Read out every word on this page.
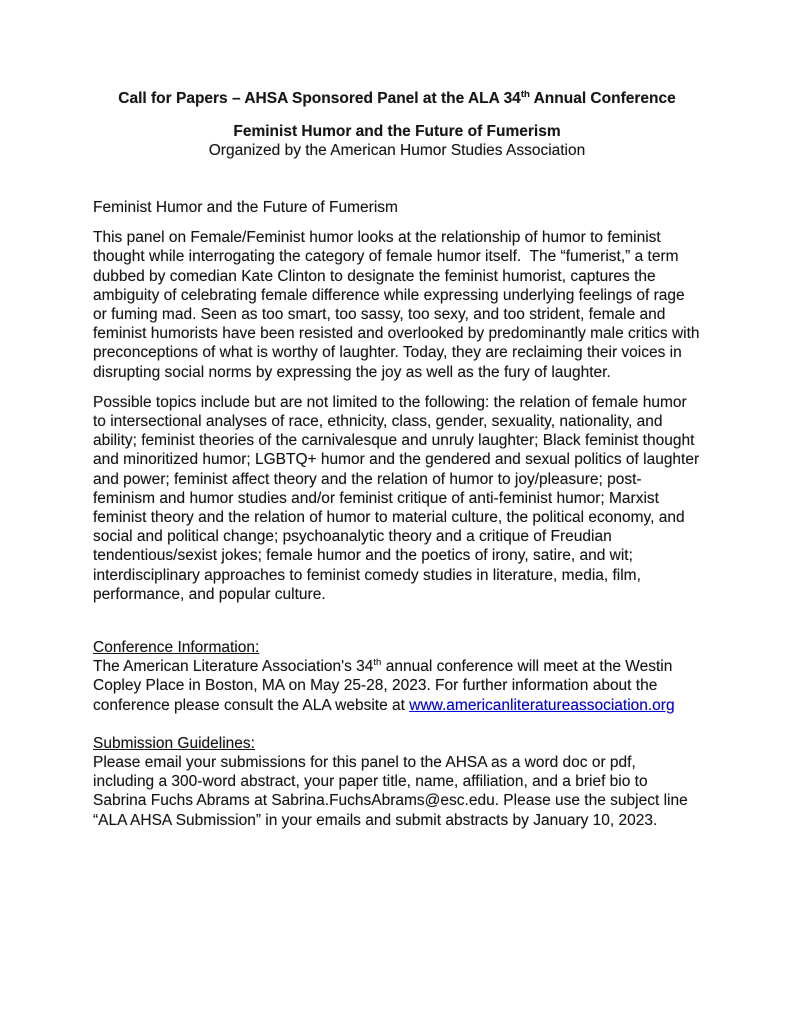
Call for Papers – AHSA Sponsored Panel at the ALA 34th Annual Conference
Feminist Humor and the Future of Fumerism
Organized by the American Humor Studies Association

Feminist Humor and the Future of Fumerism

This panel on Female/Feminist humor looks at the relationship of humor to feminist thought while interrogating the category of female humor itself.  The “fumerist,” a term dubbed by comedian Kate Clinton to designate the feminist humorist, captures the ambiguity of celebrating female difference while expressing underlying feelings of rage or fuming mad. Seen as too smart, too sassy, too sexy, and too strident, female and feminist humorists have been resisted and overlooked by predominantly male critics with preconceptions of what is worthy of laughter. Today, they are reclaiming their voices in disrupting social norms by expressing the joy as well as the fury of laughter.

Possible topics include but are not limited to the following: the relation of female humor to intersectional analyses of race, ethnicity, class, gender, sexuality, nationality, and ability; feminist theories of the carnivalesque and unruly laughter; Black feminist thought and minoritized humor; LGBTQ+ humor and the gendered and sexual politics of laughter and power; feminist affect theory and the relation of humor to joy/pleasure; post-feminism and humor studies and/or feminist critique of anti-feminist humor; Marxist feminist theory and the relation of humor to material culture, the political economy, and social and political change; psychoanalytic theory and a critique of Freudian tendentious/sexist jokes; female humor and the poetics of irony, satire, and wit; interdisciplinary approaches to feminist comedy studies in literature, media, film, performance, and popular culture.

Conference Information:

The American Literature Association's 34th annual conference will meet at the Westin Copley Place in Boston, MA on May 25-28, 2023. For further information about the conference please consult the ALA website at www.americanliteratureassociation.org

Submission Guidelines:

Please email your submissions for this panel to the AHSA as a word doc or pdf, including a 300-word abstract, your paper title, name, affiliation, and a brief bio to Sabrina Fuchs Abrams at Sabrina.FuchsAbrams@esc.edu. Please use the subject line “ALA AHSA Submission” in your emails and submit abstracts by January 10, 2023.
